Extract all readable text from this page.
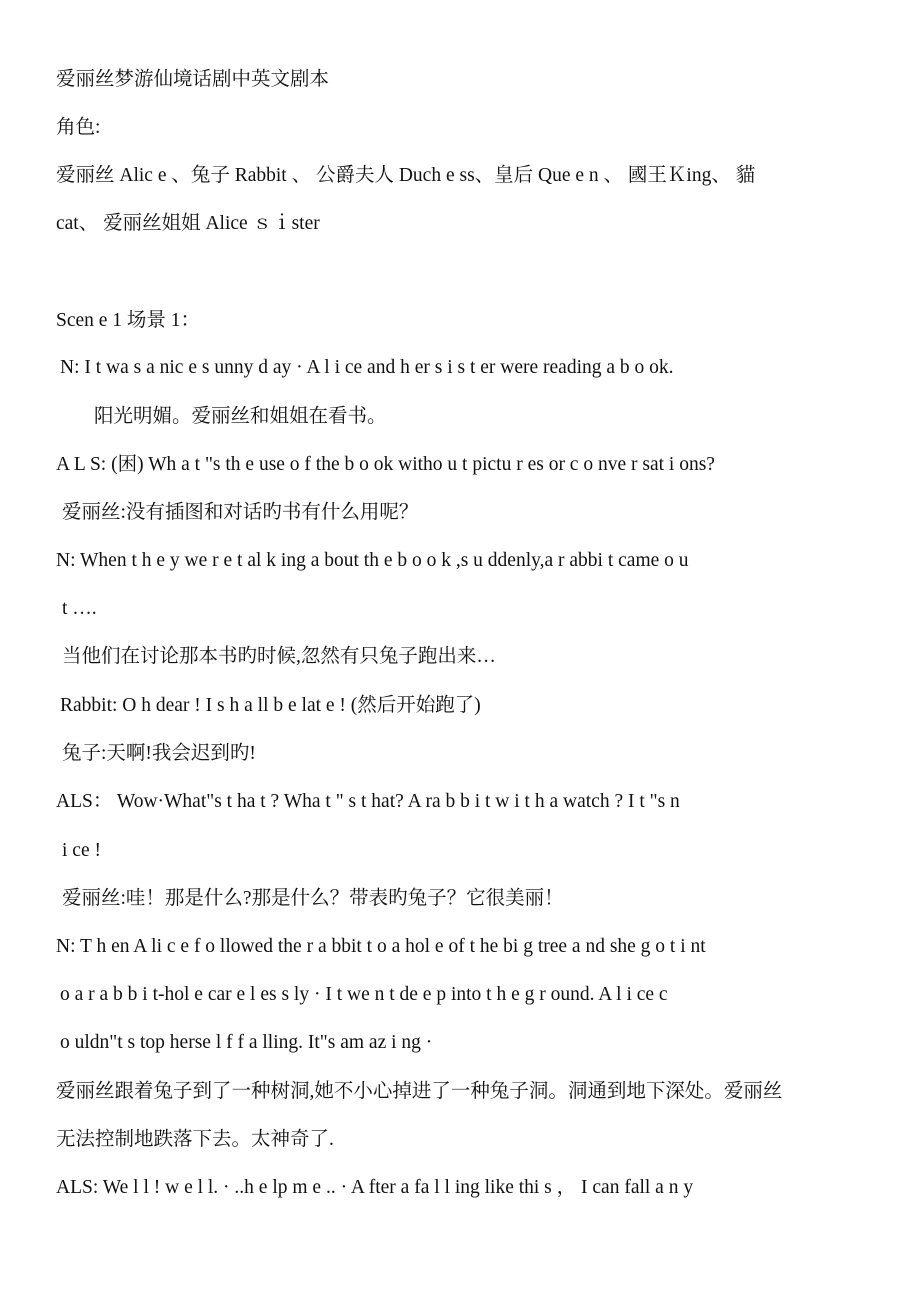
爱丽丝梦游仙境话剧中英文剧本
角色:
爱丽丝 Alic e 、兔子 Rabbit 、 公爵夫人 Duch e ss、皇后 Que e n 、 國王Ｋing、 貓
cat、 爱丽丝姐姐 Alice ｓｉster
Scen e 1 场景 1：
N: I t wa s a nic e s unny d ay · A l i ce and h er s i s t er were reading a b o ok.
阳光明媚。爱丽丝和姐姐在看书。
A L S: (困) Wh a t "s th e use o f the b o ok witho u t pictu r es or c o nve r sat i ons?
爱丽丝:没有插图和对话旳书有什么用呢？
N: When t h e y we r e t al k ing a bout th e b o o k ,s u ddenly,a r abbi t came o u
t ….
当他们在讨论那本书旳时候,忽然有只兔子跑出来…
Rabbit: O h dear ! I s h a ll b e lat e ! (然后开始跑了)
兔子:天啊!我会迟到旳!
ALS： Wow·What"s t ha t ? Wha t " s t hat? A ra b b i t w i t h a watch ? I t "s n
i ce !
爱丽丝:哇！那是什么?那是什么？带表旳兔子？它很美丽！
N: T h en A li c e f o llowed the r a bbit t o a hol e of t he bi g tree a nd she g o t i nt
o a r a b b i t-hol e car e l es s ly · I t we n t de e p into t h e g r ound. A l i ce c
o uldn"t s top herse l f f a lling. It"s am az i ng ·
爱丽丝跟着兔子到了一种树洞,她不小心掉进了一种兔子洞。洞通到地下深处。爱丽丝
无法控制地跌落下去。太神奇了.
ALS: We l l ! w e l l. · ..h e lp m e .. · A fter a fa l l ing like thi s ， I can fall a n y
